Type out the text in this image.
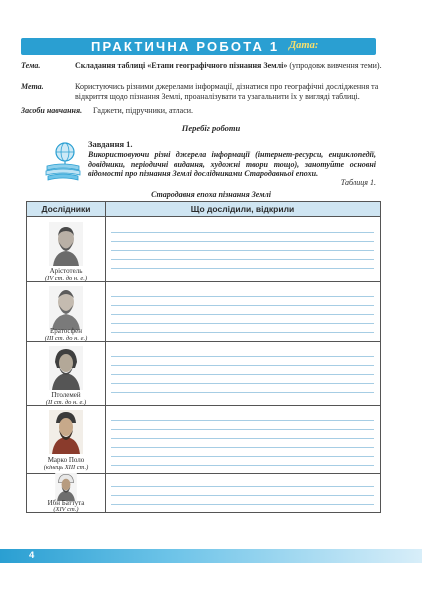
ПРАКТИЧНА РОБОТА 1 Дата:
Тема.	Складання таблиці «Етапи географічного пізнання Землі» (упродовж вивчення теми).
Мета.	Користуючись різними джерелами інформації, дізнатися про географічні дослідження та відкриття щодо пізнання Землі, проаналізувати та узагальнити їх у вигляді таблиці.
Засоби навчання. Гаджети, підручники, атласи.
Перебіг роботи
Завдання 1.
Використовуючи різні джерела інформації (інтернет-ресурси, енциклопедії, довідники, періодичні видання, художні твори тощо), занотуйте основні відомості про пізнання Землі дослідниками Стародавньої епохи.
Таблиця 1.
Стародавня епоха пізнання Землі
Дослідники	Що дослідили, відкрили
Арістотель
(IV ст. до н. е.)
Ератосфен
(III ст. до н. е.)
Птолемей
(II ст. до н. е.)
Марко Поло
(кінець XIII ст.)
Ибн Баттута
(XIV ст.)
4
